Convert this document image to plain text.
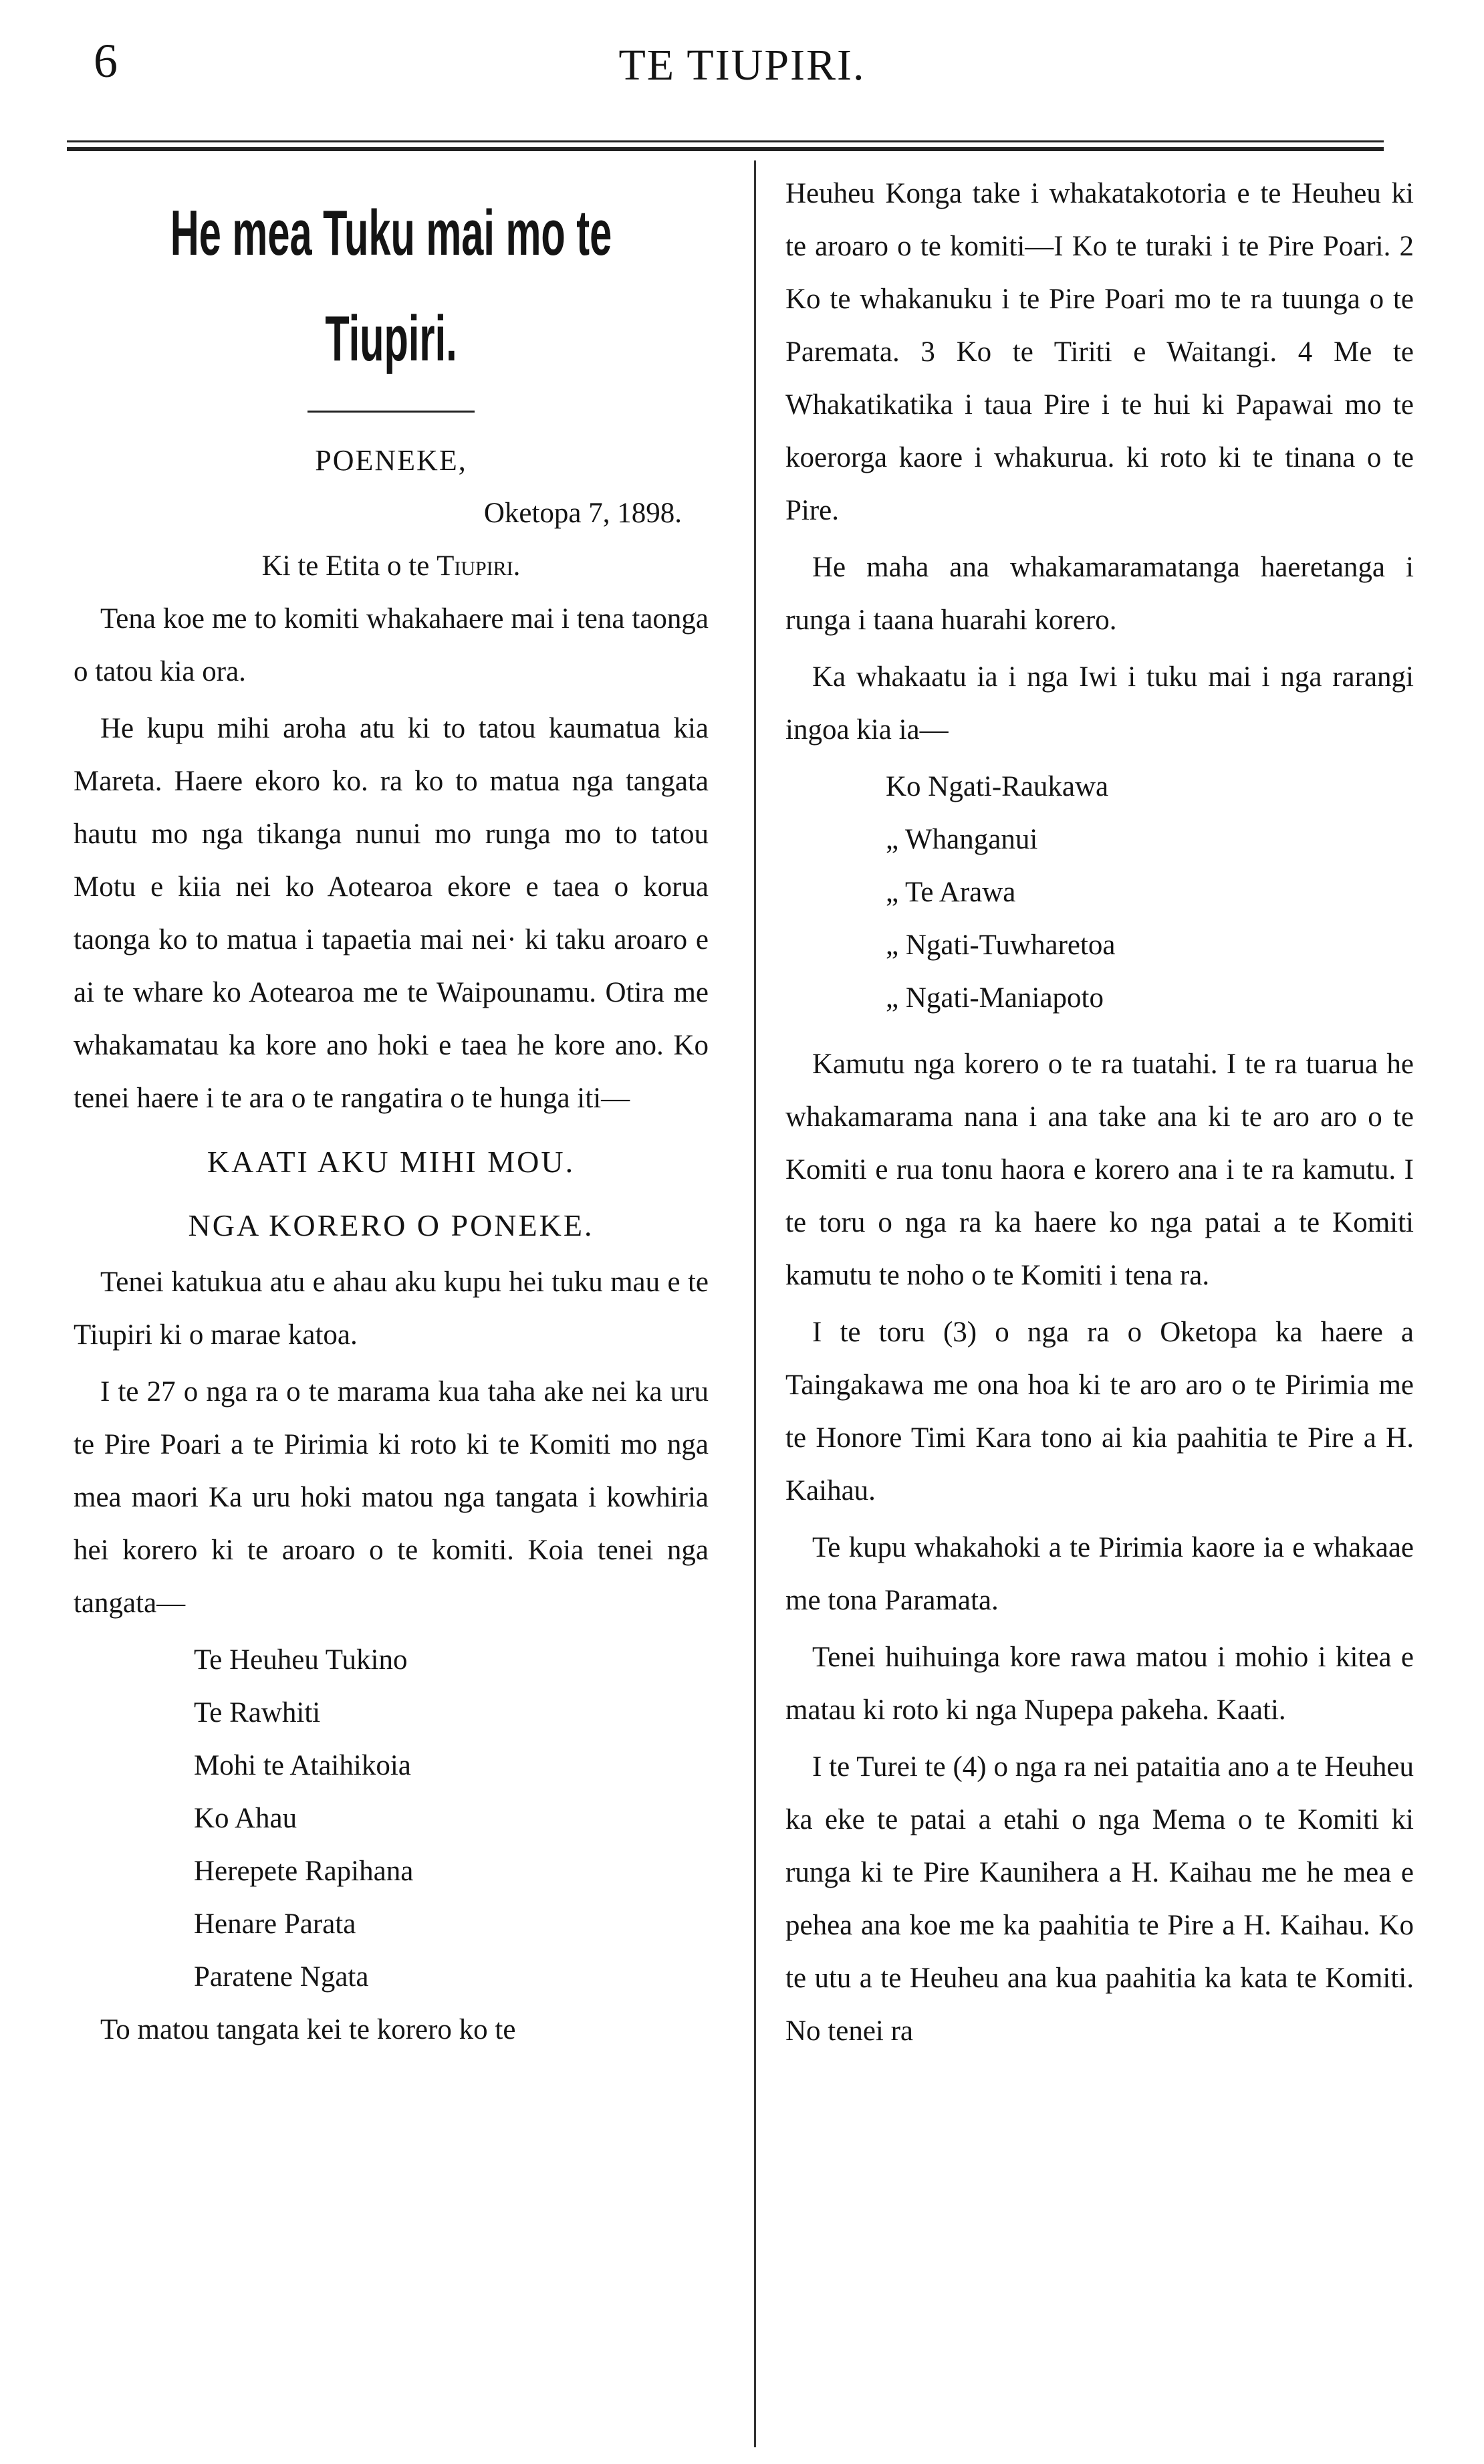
6	TE TIUPIRI.
He mea Tuku mai mo te
Tiupiri.
POENEKE,
Oketopa 7, 1898.
Ki te Etita o te Tiupiri.

Tena koe me to komiti whakahaere mai i tena taonga o tatou kia ora.

He kupu mihi aroha atu ki to tatou kaumatua kia Mareta. Haere ekoro ko. ra ko to matua nga tangata hautu mo nga tikanga nunui mo runga mo to tatou Motu e kiia nei ko Aotearoa ekore e taea o koruа taonga ko to matua i tapaetia mai nei· ki taku aroaro e ai te whare ko Aotearoa me te Waipounamu. Otira me whakamatau ka kore ano hoki e taea he kore ano. Ko tenei haere i te ara o te rangatira o te hunga iti—

KAATI AKU MIHI MOU.
NGA KORERO O PONEKE.

Tenei katukua atu e ahau aku kupu hei tuku mau e te Tiupiri ki o marae katoa.

I te 27 o nga ra o te marama kua taha ake nei ka uru te Pire Poari a te Pirimia ki roto ki te Komiti mo nga mea maori Ka uru hoki matou nga tangata i kowhiria hei korero ki te aroaro o te komiti. Koia tenei nga tangata—

Te Heuheu Tukino
Te Rawhiti
Mohi te Ataihikoia
Ko Ahau
Herepete Rapihana
Henare Parata
Paratene Ngata

To matou tangata kei te korero ko te

Heuheu Konga take i whakatakotoria e te Heuheu ki te aroaro o te komiti—I Ko te turaki i te Pire Poari. 2 Ko te whakanuku i te Pire Poari mo te ra tuunga o te Paremata. 3 Ko te Tiriti e Waitangi. 4 Me te Whakatikatika i taua Pire i te hui ki Papawai mo te koerorga kaore i whakurua. ki roto ki te tinana o te Pire.

He maha ana whakamaramatanga haeretanga i runga i taana huarahi korero.

Ka whakaatu ia i nga Iwi i tuku mai i nga rarangi ingoa kia ia—

Ko Ngati-Raukawa
„ Whanganui
„ Te Arawa
„ Ngati-Tuwharetoa
„ Ngati-Maniapoto

Kamutu nga korero o te ra tuatahi. I te ra tuarua he whakamarama nana i ana take ana ki te aro aro o te Komiti e rua tonu haora e korero ana i te ra kamutu. I te toru o nga ra ka haere ko nga patai a te Komiti kamutu te noho o te Komiti i tena ra.

I te toru (3) o nga ra o Oketopa ka haere a Taingakawa me ona hoa ki te aro aro o te Pirimia me te Honore Timi Kara tono ai kia paahitia te Pire a H. Kaihau.

Te kupu whakahoki a te Pirimia kaore ia e whakaae me tona Paramata.

Tenei huihuinga kore rawa matou i mohio i kitea e matau ki roto ki nga Nupepa pakeha. Kaati.

I te Turei te (4) o nga ra nei patаitia ano a te Heuheu ka eke te patai a etahi o nga Mema o te Komiti ki runga ki te Pire Kaunihera a H. Kaihau me he mea e pehea ana koe me ka paahitia te Pire a H. Kaihau. Ko te utu a te Heuheu ana kua paahitia ka kata te Komiti. No tenei ra
